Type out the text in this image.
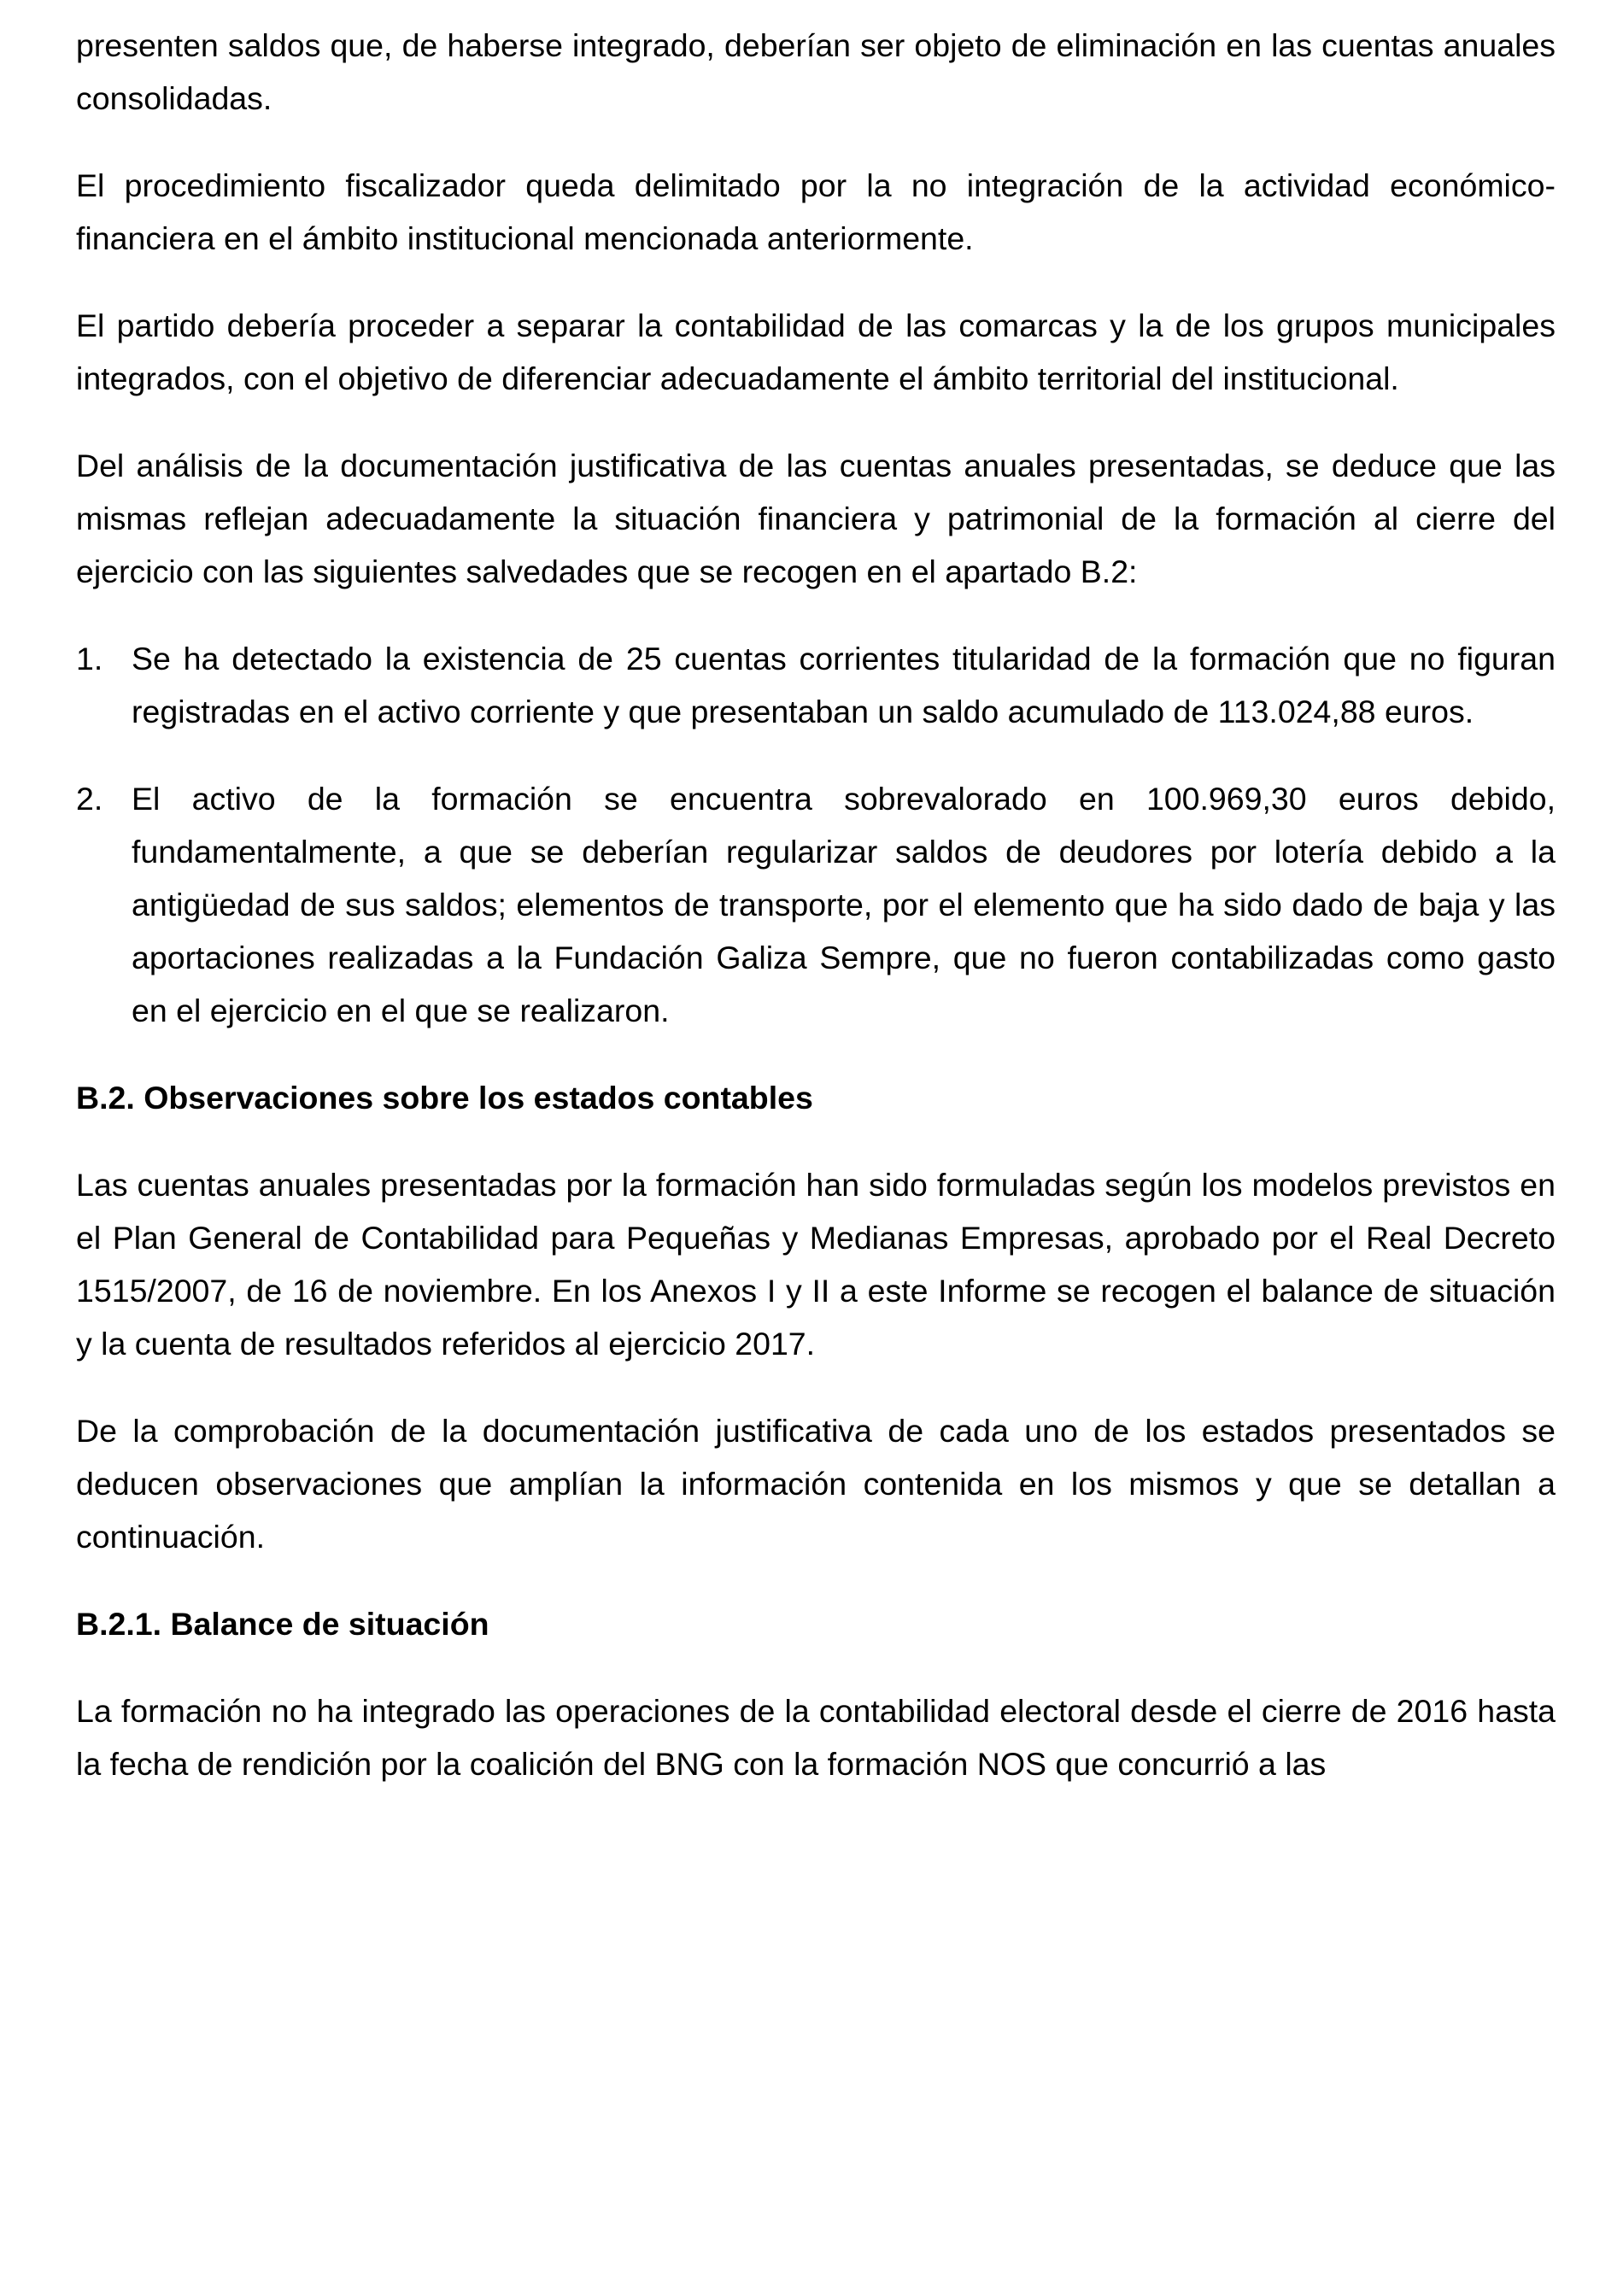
presenten saldos que, de haberse integrado, deberían ser objeto de eliminación en las cuentas anuales consolidadas.

El procedimiento fiscalizador queda delimitado por la no integración de la actividad económico-financiera en el ámbito institucional mencionada anteriormente.

El partido debería proceder a separar la contabilidad de las comarcas y la de los grupos municipales integrados, con el objetivo de diferenciar adecuadamente el ámbito territorial del institucional.

Del análisis de la documentación justificativa de las cuentas anuales presentadas, se deduce que las mismas reflejan adecuadamente la situación financiera y patrimonial de la formación al cierre del ejercicio con las siguientes salvedades que se recogen en el apartado B.2:

1. Se ha detectado la existencia de 25 cuentas corrientes titularidad de la formación que no figuran registradas en el activo corriente y que presentaban un saldo acumulado de 113.024,88 euros.
2. El activo de la formación se encuentra sobrevalorado en 100.969,30 euros debido, fundamentalmente, a que se deberían regularizar saldos de deudores por lotería debido a la antigüedad de sus saldos; elementos de transporte, por el elemento que ha sido dado de baja y las aportaciones realizadas a la Fundación Galiza Sempre, que no fueron contabilizadas como gasto en el ejercicio en el que se realizaron.
B.2. Observaciones sobre los estados contables

Las cuentas anuales presentadas por la formación han sido formuladas según los modelos previstos en el Plan General de Contabilidad para Pequeñas y Medianas Empresas, aprobado por el Real Decreto 1515/2007, de 16 de noviembre. En los Anexos I y II a este Informe se recogen el balance de situación y la cuenta de resultados referidos al ejercicio 2017.

De la comprobación de la documentación justificativa de cada uno de los estados presentados se deducen observaciones que amplían la información contenida en los mismos y que se detallan a continuación.

B.2.1. Balance de situación

La formación no ha integrado las operaciones de la contabilidad electoral desde el cierre de 2016 hasta la fecha de rendición por la coalición del BNG con la formación NOS que concurrió a las
